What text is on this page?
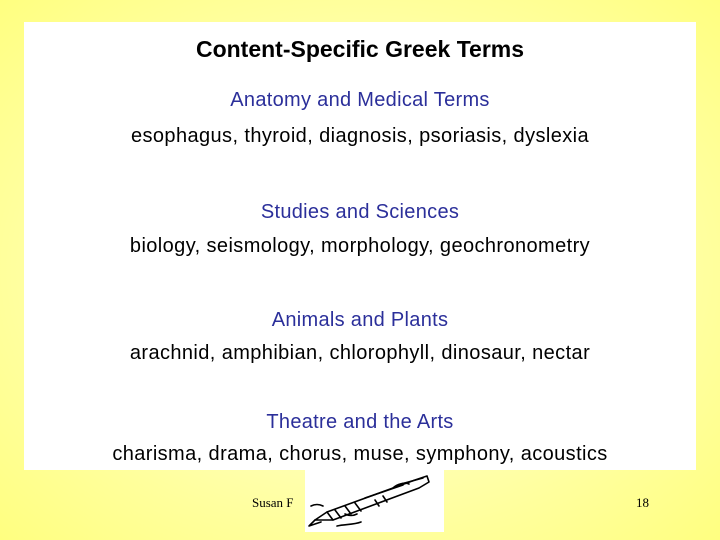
Content-Specific Greek Terms
Anatomy and Medical Terms
esophagus, thyroid, diagnosis, psoriasis, dyslexia
Studies and Sciences
biology, seismology, morphology, geochronometry
Animals and Plants
arachnid, amphibian, chlorophyll, dinosaur, nectar
Theatre and the Arts
charisma, drama, chorus, muse, symphony, acoustics
Susan F	18
